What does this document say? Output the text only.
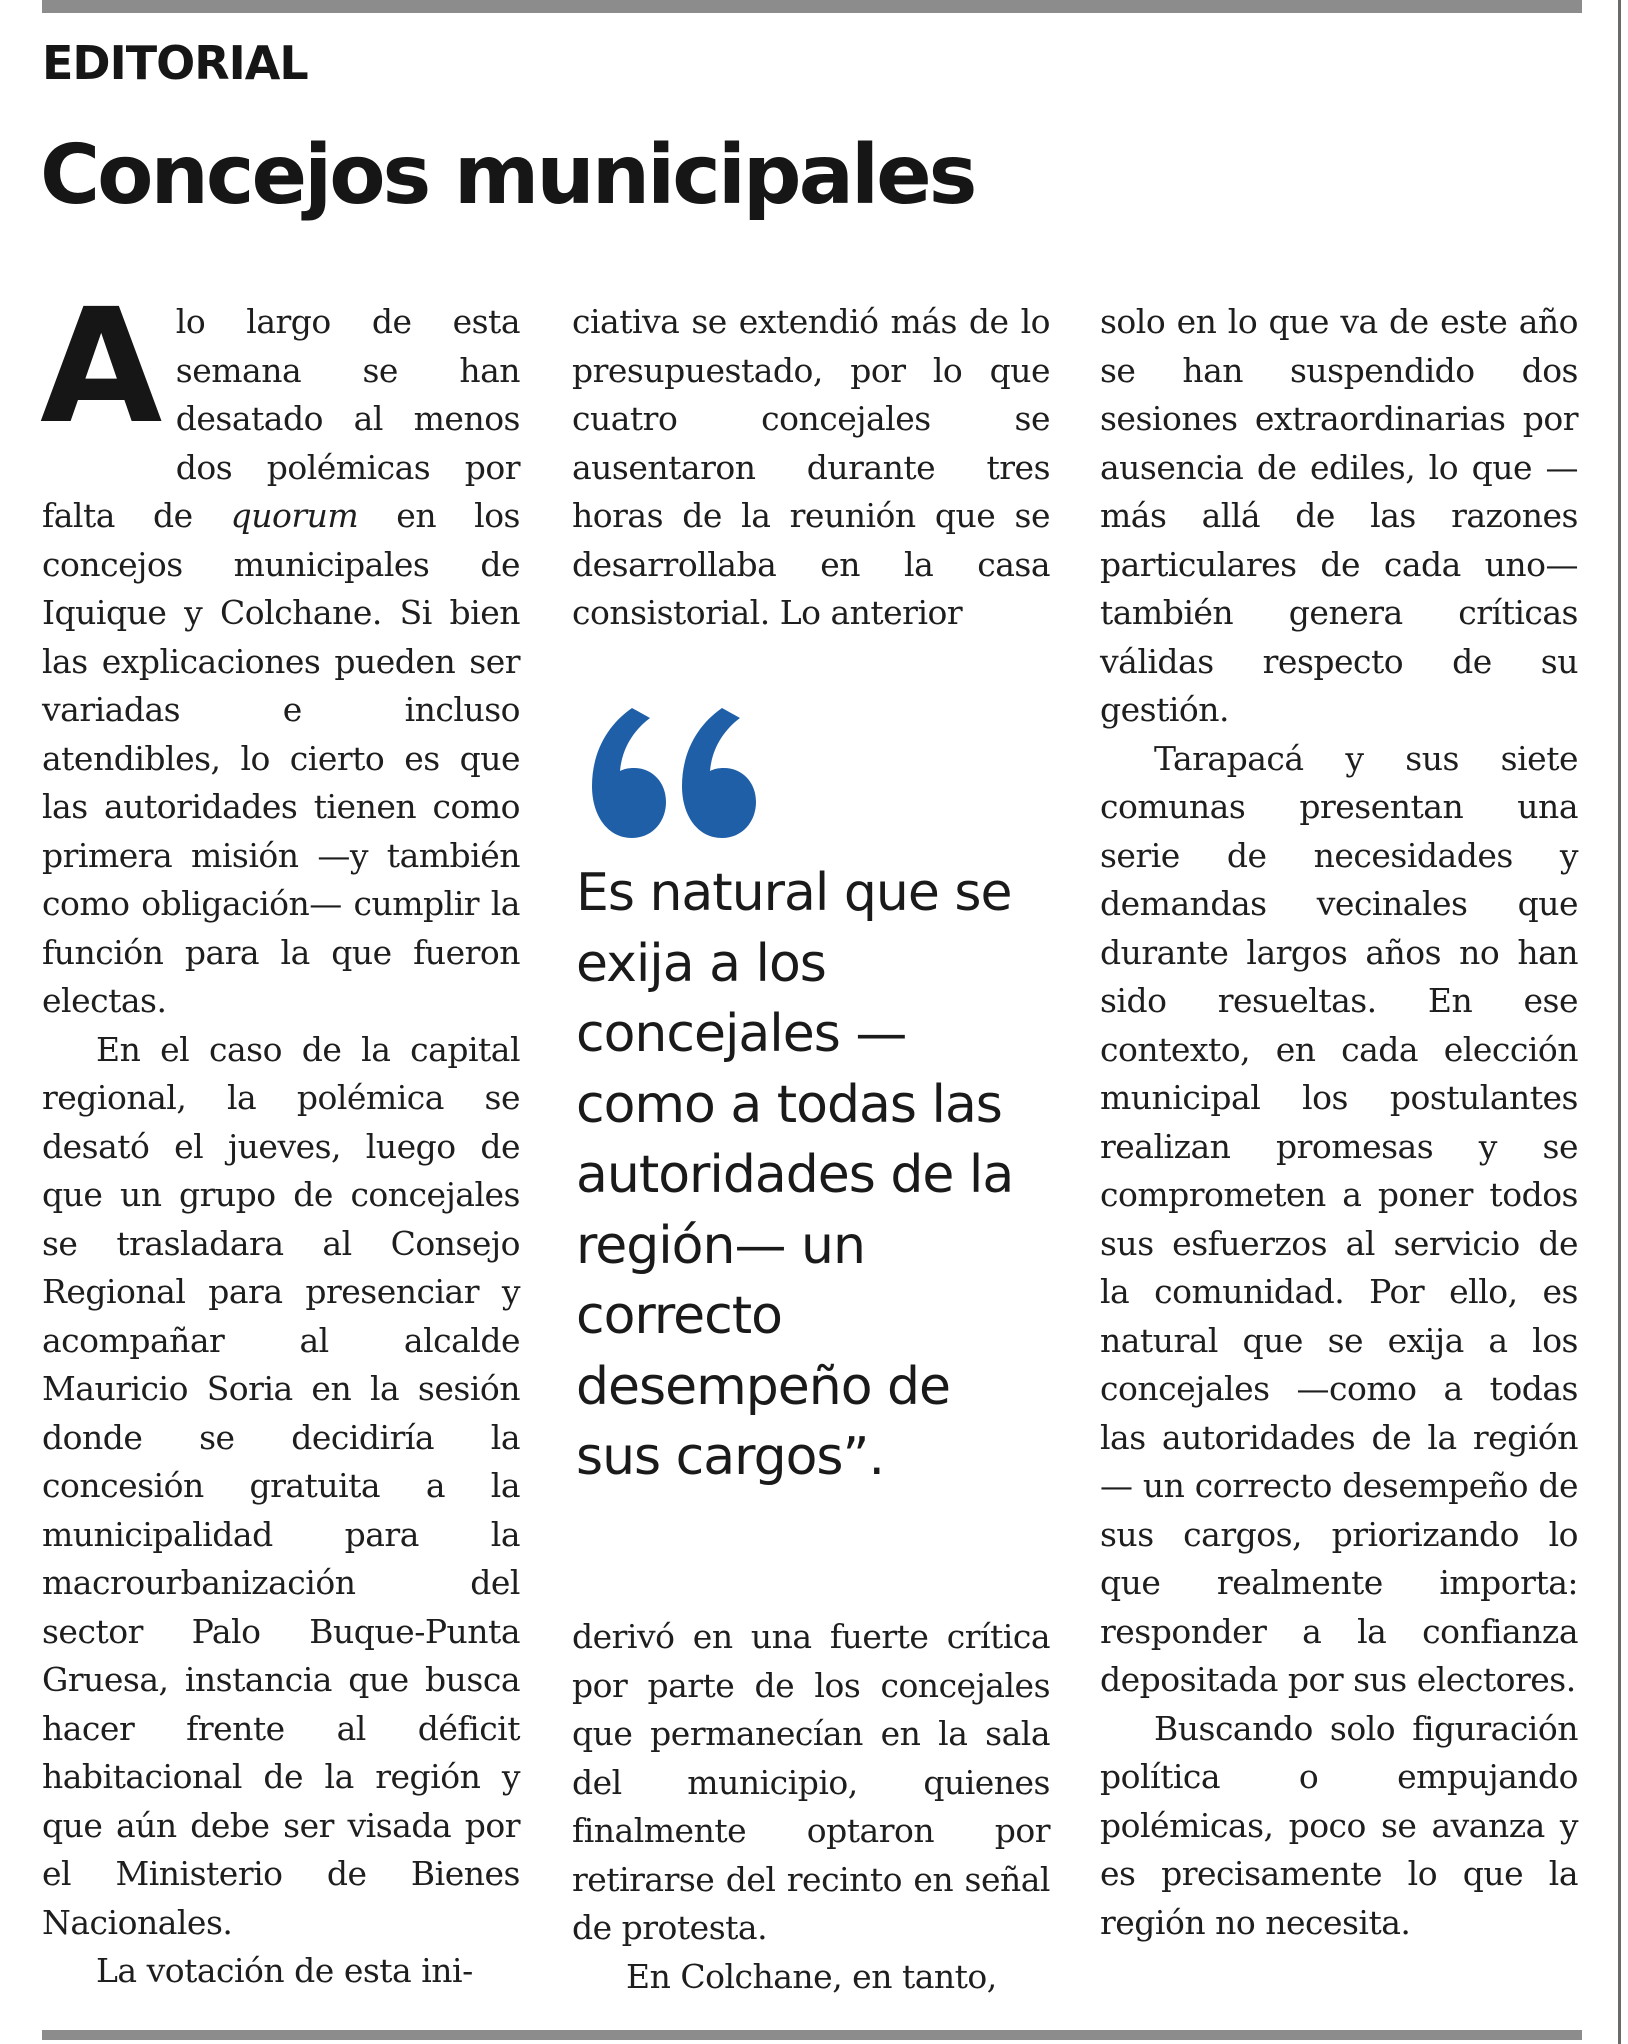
EDITORIAL
Concejos municipales

Alo largo de esta semana se han desatado al menos dos polémicas por falta de quorum en los concejos municipales de Iquique y Colchane. Si bien las explicaciones pueden ser variadas e incluso atendibles, lo cierto es que las autoridades tienen como primera misión —y también como obligación— cumplir la función para la que fueron electas.

En el caso de la capital regional, la polémica se desató el jueves, luego de que un grupo de concejales se trasladara al Consejo Regional para presenciar y acompañar al alcalde Mauricio Soria en la sesión donde se decidiría la concesión gratuita a la municipalidad para la macrourbanización del sector Palo Buque-Punta Gruesa, instancia que busca hacer frente al déficit habitacional de la región y que aún debe ser visada por el Ministerio de Bienes Nacionales.

La votación de esta ini-

ciativa se extendió más de lo presupuestado, por lo que cuatro concejales se ausentaron durante tres horas de la reunión que se desarrollaba en la casa consistorial. Lo anterior

Es natural que se
exija a los
concejales —
como a todas las
autoridades de la
región— un
correcto
desempeño de
sus cargos”.

derivó en una fuerte crítica por parte de los concejales que permanecían en la sala del municipio, quienes finalmente optaron por retirarse del recinto en señal de protesta.

En Colchane, en tanto,

solo en lo que va de este año se han suspendido dos sesiones extraordinarias por ausencia de ediles, lo que —más allá de las razones particulares de cada uno— también genera críticas válidas respecto de su gestión.

Tarapacá y sus siete comunas presentan una serie de necesidades y demandas vecinales que durante largos años no han sido resueltas. En ese contexto, en cada elección municipal los postulantes realizan promesas y se comprometen a poner todos sus esfuerzos al servicio de la comunidad. Por ello, es natural que se exija a los concejales —como a todas las autoridades de la región— un correcto desempeño de sus cargos, priorizando lo que realmente importa: responder a la confianza depositada por sus electores.

Buscando solo figuración política o empujando polémicas, poco se avanza y es precisamente lo que la región no necesita.
